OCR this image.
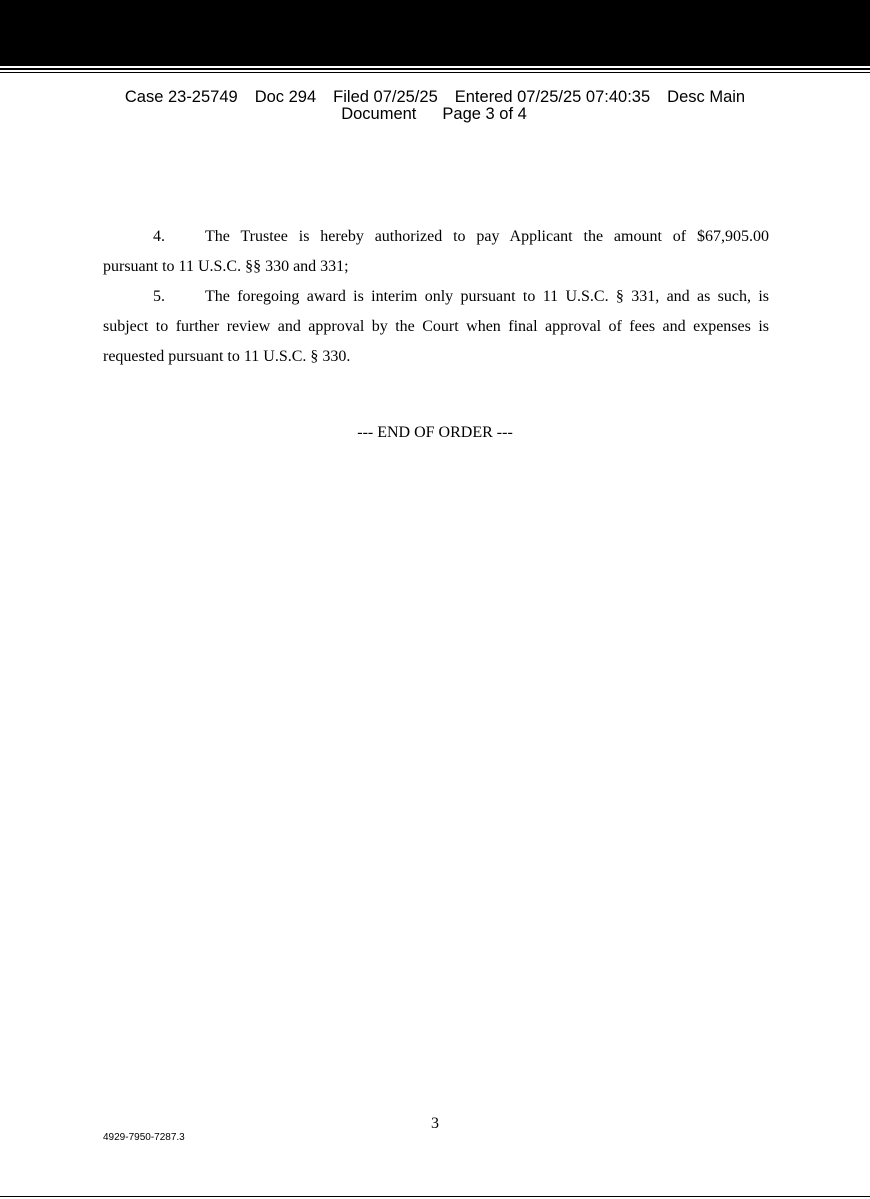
Case 23-25749 Doc 294 Filed 07/25/25 Entered 07/25/25 07:40:35 Desc Main
Document Page 3 of 4
4.	The Trustee is hereby authorized to pay Applicant the amount of $67,905.00
pursuant to 11 U.S.C. §§ 330 and 331;
5.	The foregoing award is interim only pursuant to 11 U.S.C. § 331, and as such, is
subject to further review and approval by the Court when final approval of fees and expenses is
requested pursuant to 11 U.S.C. § 330.
--- END OF ORDER ---
3
4929-7950-7287.3
